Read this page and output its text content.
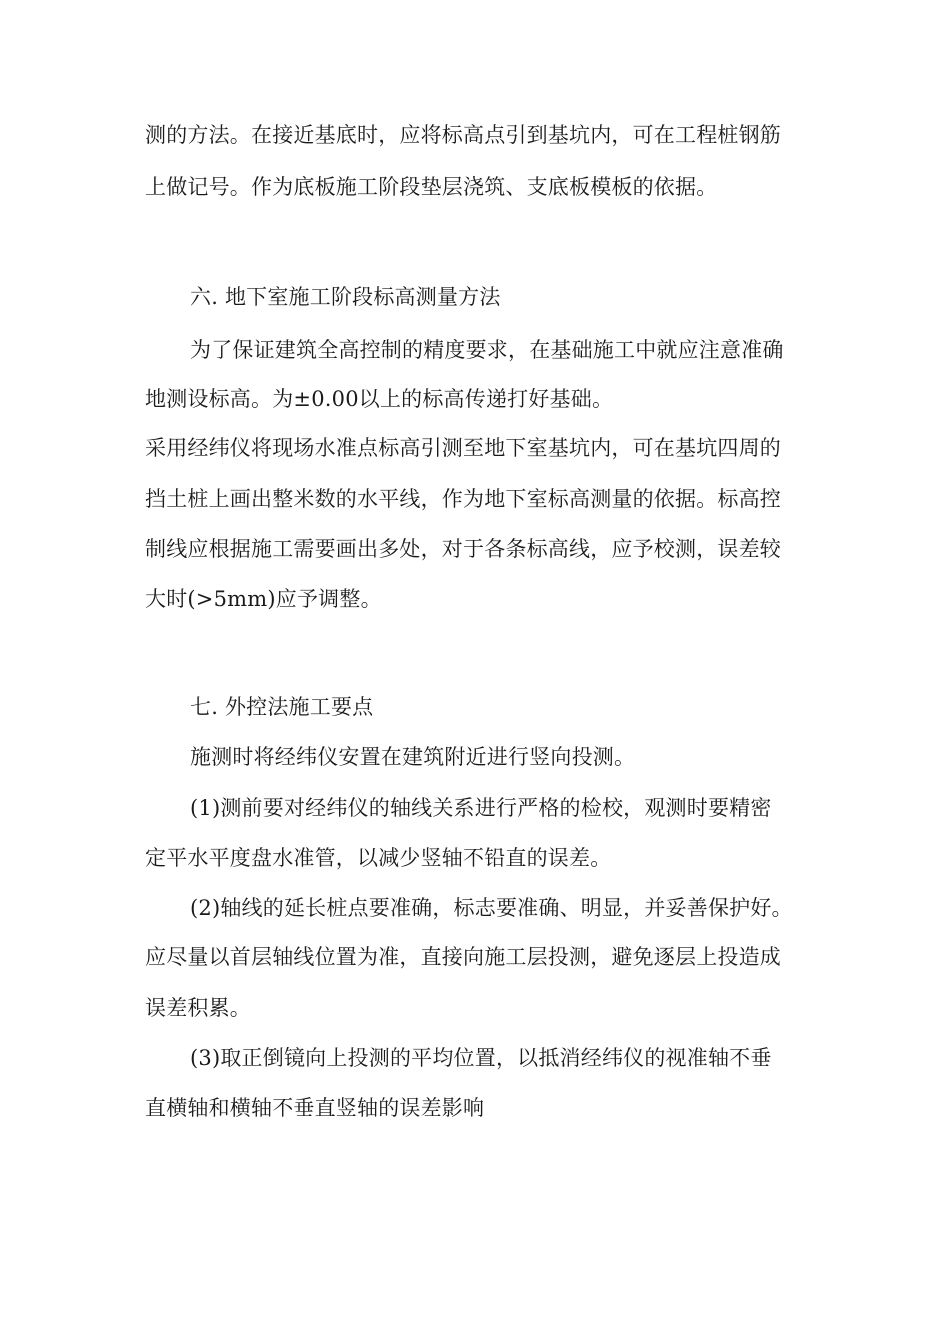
测的方法。在接近基底时，应将标高点引到基坑内，可在工程桩钢筋
上做记号。作为底板施工阶段垫层浇筑、支底板模板的依据。
六. 地下室施工阶段标高测量方法
为了保证建筑全高控制的精度要求，在基础施工中就应注意准确
地测设标高。为±0.00以上的标高传递打好基础。
采用经纬仪将现场水准点标高引测至地下室基坑内，可在基坑四周的
挡土桩上画出整米数的水平线，作为地下室标高测量的依据。标高控
制线应根据施工需要画出多处，对于各条标高线，应予校测，误差较
大时(>5mm)应予调整。
七. 外控法施工要点
施测时将经纬仪安置在建筑附近进行竖向投测。
(1)测前要对经纬仪的轴线关系进行严格的检校，观测时要精密
定平水平度盘水准管，以减少竖轴不铅直的误差。
(2)轴线的延长桩点要准确，标志要准确、明显，并妥善保护好。
应尽量以首层轴线位置为准，直接向施工层投测，避免逐层上投造成
误差积累。
(3)取正倒镜向上投测的平均位置，以抵消经纬仪的视准轴不垂
直横轴和横轴不垂直竖轴的误差影响
